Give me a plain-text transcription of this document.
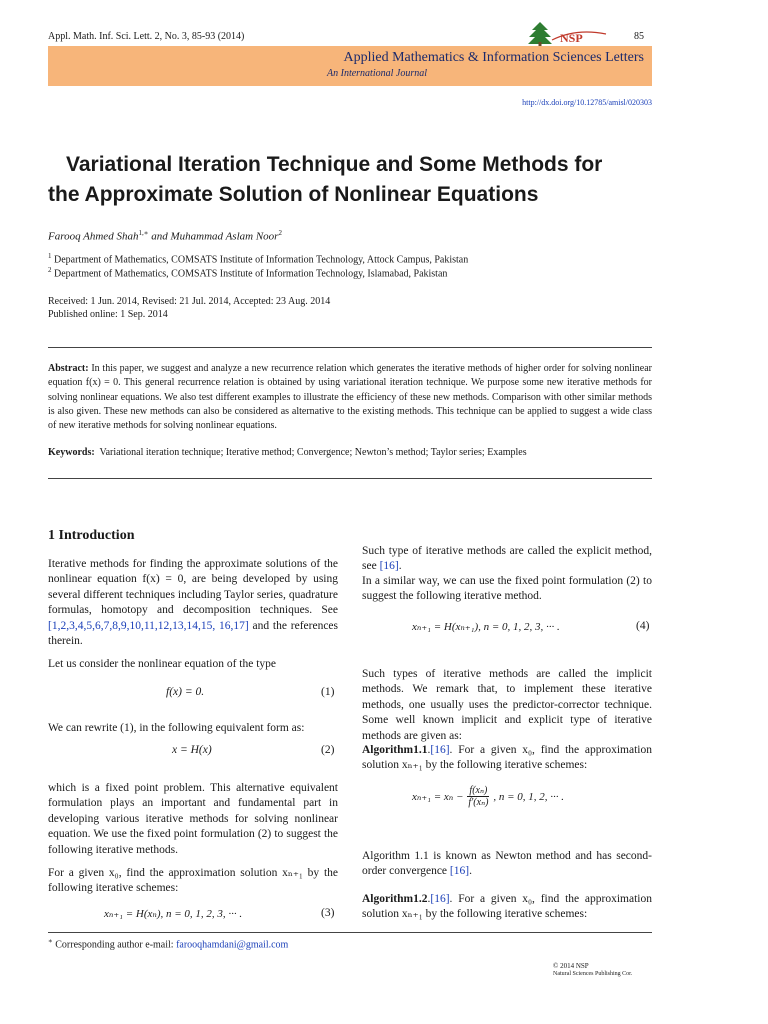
Appl. Math. Inf. Sci. Lett. 2, No. 3, 85-93 (2014)	85
NSP
Applied Mathematics & Information Sciences Letters
An International Journal
http://dx.doi.org/10.12785/amisl/020303
Variational Iteration Technique and Some Methods for
the Approximate Solution of Nonlinear Equations
Farooq Ahmed Shah$^{1,∗}$ and Muhammad Aslam Noor$^2$
$^1$ Department of Mathematics, COMSATS Institute of Information Technology, Attock Campus, Pakistan
$^2$ Department of Mathematics, COMSATS Institute of Information Technology, Islamabad, Pakistan
Received: 1 Jun. 2014, Revised: 21 Jul. 2014, Accepted: 23 Aug. 2014
Published online: 1 Sep. 2014
Abstract: In this paper, we suggest and analyze a new recurrence relation which generates the iterative methods of higher order for solving nonlinear equation f(x) = 0. This general recurrence relation is obtained by using variational iteration technique. We purpose some new iterative methods for solving nonlinear equations. We also test different examples to illustrate the efficiency of these new methods. Comparison with other similar methods is also given. These new methods can also be considered as alternative to the existing methods. This technique can be applied to suggest a wide class of new iterative methods for solving nonlinear equations.
Keywords: Variational iteration technique; Iterative method; Convergence; Newton’s method; Taylor series; Examples
1 Introduction
Iterative methods for finding the approximate solutions of the nonlinear equation f(x) = 0, are being developed by using several different techniques including Taylor series, quadrature formulas, homotopy and decomposition techniques. See [1,2,3,4,5,6,7,8,9,10,11,12,13,14,15, 16,17] and the references therein.
Let us consider the nonlinear equation of the type
f(x) = 0.	(1)
We can rewrite (1), in the following equivalent form as:
x = H(x)	(2)
which is a fixed point problem. This alternative equivalent formulation plays an important and fundamental part in developing various iterative methods for solving nonlinear equation. We use the fixed point formulation (2) to suggest the following iterative methods.
For a given x₀, find the approximation solution xₙ₊₁ by the following iterative schemes:
xₙ₊₁ = H(xₙ), n = 0, 1, 2, 3, ··· .	(3)
Such type of iterative methods are called the explicit method, see [16].
In a similar way, we can use the fixed point formulation (2) to suggest the following iterative method.
xₙ₊₁ = H(xₙ₊₁), n = 0, 1, 2, 3, ··· .	(4)
Such types of iterative methods are called the implicit methods. We remark that, to implement these iterative methods, one usually uses the predictor-corrector technique. Some well known implicit and explicit type of iterative methods are given as:
Algorithm1.1.[16]. For a given x₀, find the approximation solution xₙ₊₁ by the following iterative schemes:
$x_{n+1} = x_n - \frac{\text{f(xₙ)}}{\text{f′(xₙ)}}$ , n = 0, 1, 2, ··· .
Algorithm 1.1 is known as Newton method and has second-order convergence [16].
Algorithm1.2.[16]. For a given x₀, find the approximation solution xₙ₊₁ by the following iterative schemes:
∗ Corresponding author e-mail: farooqhamdani@gmail.com
© 2014 NSP
Natural Sciences Publishing Cor.
